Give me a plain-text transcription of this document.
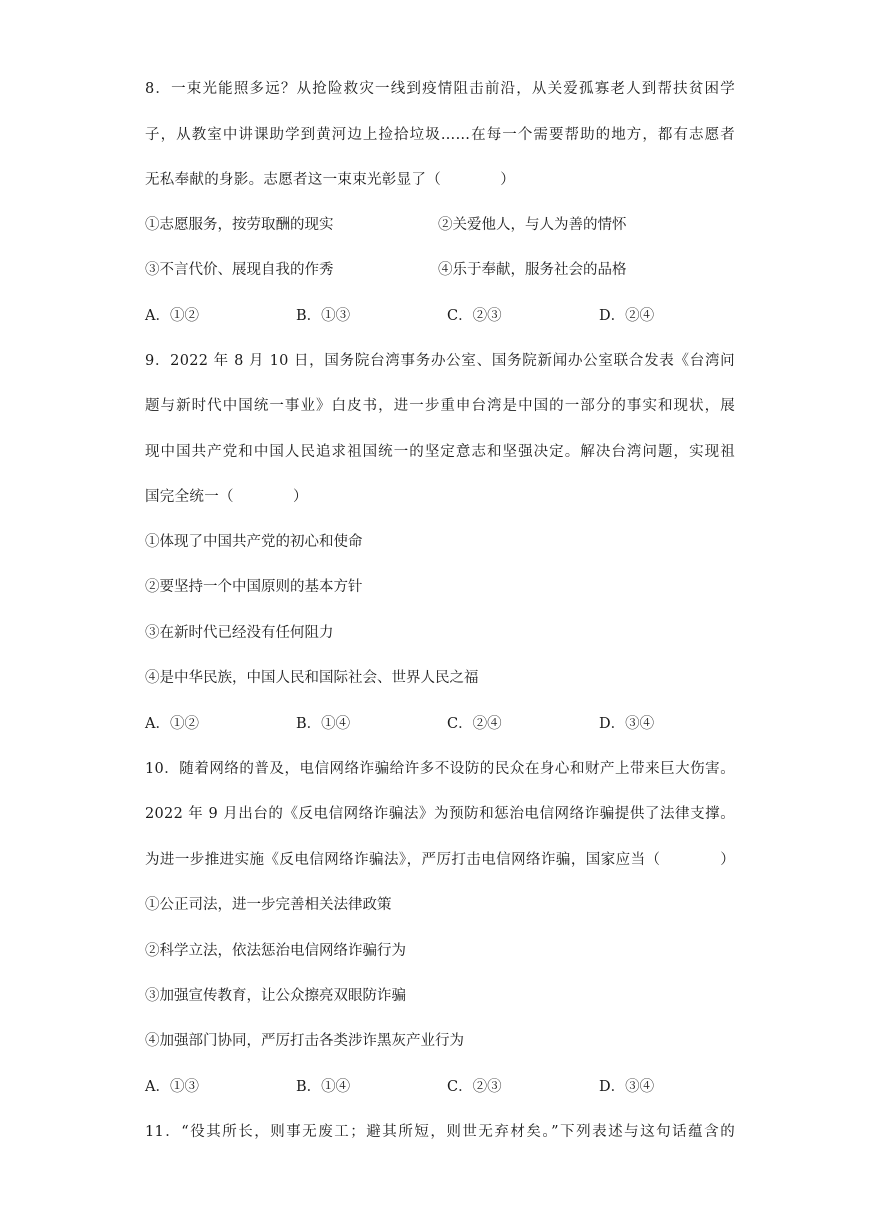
8．一束光能照多远？从抢险救灾一线到疫情阻击前沿，从关爱孤寡老人到帮扶贫困学
子，从教室中讲课助学到黄河边上捡拾垃圾……在每一个需要帮助的地方，都有志愿者
无私奉献的身影。志愿者这一束束光彰显了（　　　　）
①志愿服务，按劳取酬的现实	②关爱他人，与人为善的情怀
③不言代价、展现自我的作秀	④乐于奉献，服务社会的品格
A．①②	B．①③	C．②③	D．②④
9．2022 年 8 月 10 日，国务院台湾事务办公室、国务院新闻办公室联合发表《台湾问
题与新时代中国统一事业》白皮书，进一步重申台湾是中国的一部分的事实和现状，展
现中国共产党和中国人民追求祖国统一的坚定意志和坚强决定。解决台湾问题，实现祖
国完全统一（　　　　）
①体现了中国共产党的初心和使命
②要坚持一个中国原则的基本方针
③在新时代已经没有任何阻力
④是中华民族，中国人民和国际社会、世界人民之福
A．①②	B．①④	C．②④	D．③④
10．随着网络的普及，电信网络诈骗给许多不设防的民众在身心和财产上带来巨大伤害。
2022 年 9 月出台的《反电信网络诈骗法》为预防和惩治电信网络诈骗提供了法律支撑。
为进一步推进实施《反电信网络诈骗法》，严厉打击电信网络诈骗，国家应当（　　　　）
①公正司法，进一步完善相关法律政策
②科学立法，依法惩治电信网络诈骗行为
③加强宣传教育，让公众擦亮双眼防诈骗
④加强部门协同，严厉打击各类涉诈黑灰产业行为
A．①③	B．①④	C．②③	D．③④
11．“役其所长，则事无废工；避其所短，则世无弃材矣。”下列表述与这句话蕴含的
